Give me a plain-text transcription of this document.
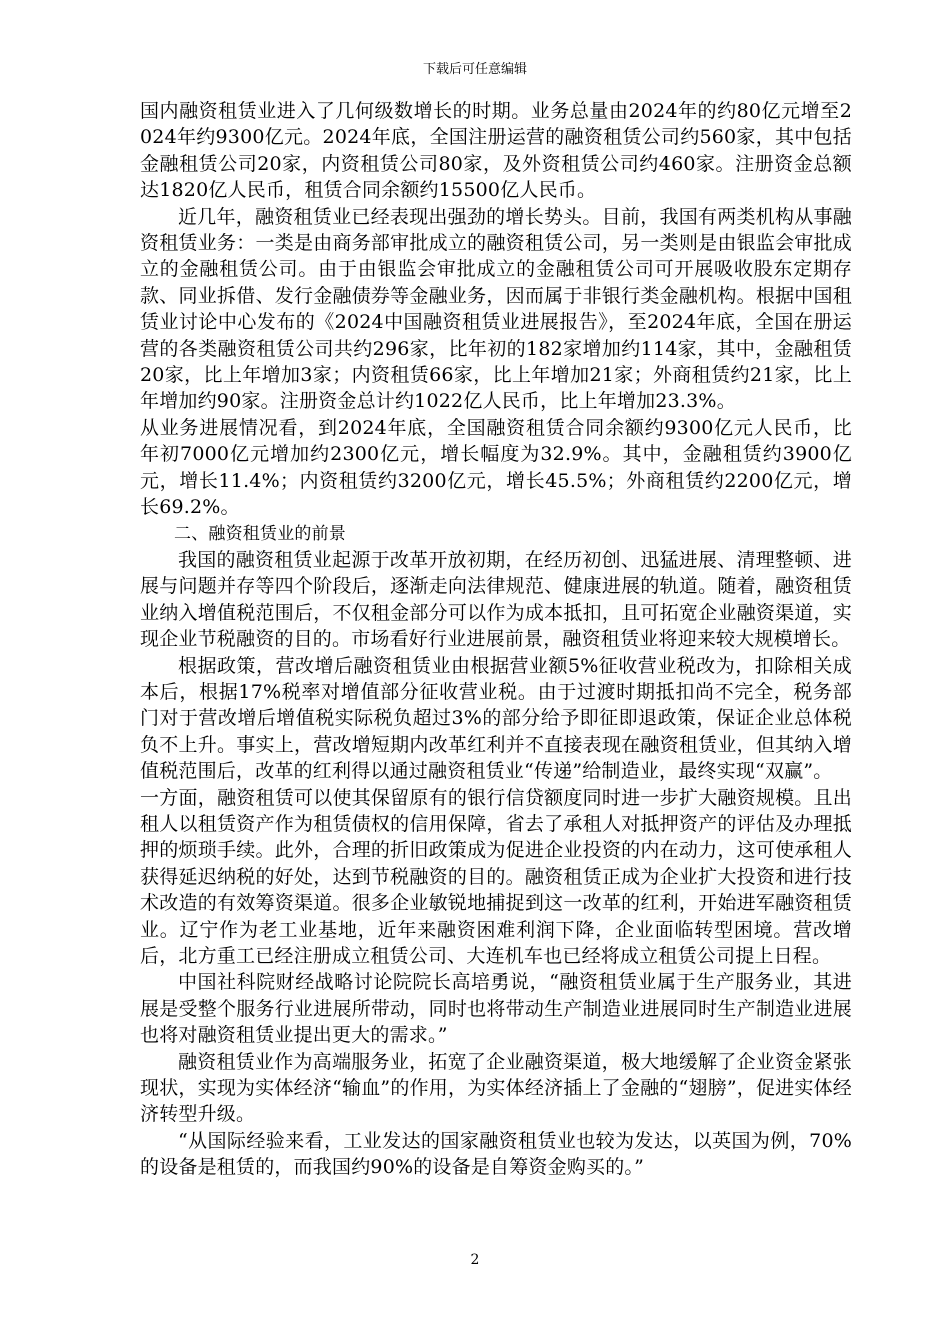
下载后可任意编辑

国内融资租赁业进入了几何级数增长的时期。业务总量由2024年的约80亿元增至2024年约9300亿元。2024年底，全国注册运营的融资租赁公司约560家，其中包括金融租赁公司20家，内资租赁公司80家，及外资租赁公司约460家。注册资金总额达1820亿人民币，租赁合同余额约15500亿人民币。

近几年，融资租赁业已经表现出强劲的增长势头。目前，我国有两类机构从事融资租赁业务：一类是由商务部审批成立的融资租赁公司，另一类则是由银监会审批成立的金融租赁公司。由于由银监会审批成立的金融租赁公司可开展吸收股东定期存款、同业拆借、发行金融债券等金融业务，因而属于非银行类金融机构。根据中国租赁业讨论中心发布的《2024中国融资租赁业进展报告》，至2024年底，全国在册运营的各类融资租赁公司共约296家，比年初的182家增加约114家，其中，金融租赁20家，比上年增加3家；内资租赁66家，比上年增加21家；外商租赁约21家，比上年增加约90家。注册资金总计约1022亿人民币，比上年增加23.3%。

从业务进展情况看，到2024年底，全国融资租赁合同余额约9300亿元人民币，比年初7000亿元增加约2300亿元，增长幅度为32.9%。其中，金融租赁约3900亿元，增长11.4%；内资租赁约3200亿元，增长45.5%；外商租赁约2200亿元，增长69.2%。

二、融资租赁业的前景

我国的融资租赁业起源于改革开放初期，在经历初创、迅猛进展、清理整顿、进展与问题并存等四个阶段后，逐渐走向法律规范、健康进展的轨道。随着，融资租赁业纳入增值税范围后，不仅租金部分可以作为成本抵扣，且可拓宽企业融资渠道，实现企业节税融资的目的。市场看好行业进展前景，融资租赁业将迎来较大规模增长。

根据政策，营改增后融资租赁业由根据营业额5%征收营业税改为，扣除相关成本后，根据17%税率对增值部分征收营业税。由于过渡时期抵扣尚不完全，税务部门对于营改增后增值税实际税负超过3%的部分给予即征即退政策，保证企业总体税负不上升。事实上，营改增短期内改革红利并不直接表现在融资租赁业，但其纳入增值税范围后，改革的红利得以通过融资租赁业“传递”给制造业，最终实现“双赢”。

一方面，融资租赁可以使其保留原有的银行信贷额度同时进一步扩大融资规模。且出租人以租赁资产作为租赁债权的信用保障，省去了承租人对抵押资产的评估及办理抵押的烦琐手续。此外，合理的折旧政策成为促进企业投资的内在动力，这可使承租人获得延迟纳税的好处，达到节税融资的目的。融资租赁正成为企业扩大投资和进行技术改造的有效筹资渠道。很多企业敏锐地捕捉到这一改革的红利，开始进军融资租赁业。辽宁作为老工业基地，近年来融资困难利润下降，企业面临转型困境。营改增后，北方重工已经注册成立租赁公司、大连机车也已经将成立租赁公司提上日程。

中国社科院财经战略讨论院院长高培勇说，“融资租赁业属于生产服务业，其进展是受整个服务行业进展所带动，同时也将带动生产制造业进展同时生产制造业进展也将对融资租赁业提出更大的需求。”

融资租赁业作为高端服务业，拓宽了企业融资渠道，极大地缓解了企业资金紧张现状，实现为实体经济“输血”的作用，为实体经济插上了金融的“翅膀”，促进实体经济转型升级。

“从国际经验来看，工业发达的国家融资租赁业也较为发达，以英国为例，70%的设备是租赁的，而我国约90%的设备是自筹资金购买的。”

2
